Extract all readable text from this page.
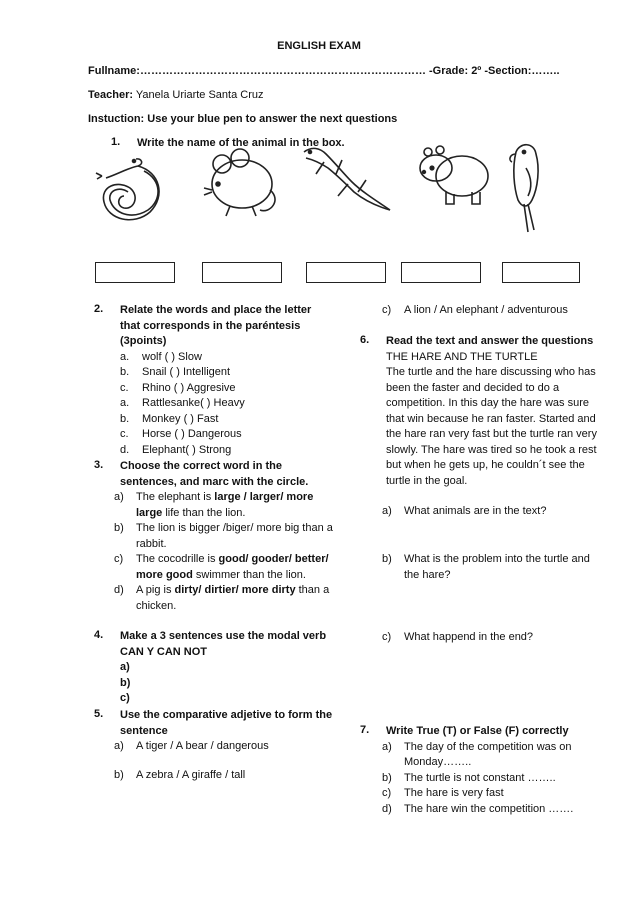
ENGLISH EXAM
Fullname:…………………………………………………………………… -Grade: 2º -Section:……..
Teacher: Yanela Uriarte Santa Cruz
Instuction: Use your blue pen to answer the next questions
1.	Write the name of the animal in the box.
2.	Relate the words and place the letter that corresponds in the paréntesis (3points)
a.	wolf ( ) Slow
b.	Snail ( ) Intelligent
c.	Rhino ( ) Aggresive
a.	Rattlesanke( ) Heavy
b.	Monkey ( ) Fast
c.	Horse ( ) Dangerous
d.	Elephant( ) Strong
3.	Choose the correct word in the sentences, and marc with the circle.
a)	The elephant is large / larger/ more large life than the lion.
b)	The lion is bigger /biger/ more big than a rabbit.
c)	The cocodrille is good/ gooder/ better/ more good swimmer than the lion.
d)	A pig is dirty/ dirtier/ more dirty than a chicken.
4.	Make a 3 sentences use the modal verb CAN Y CAN NOT
a)
b)
c)
5.	Use the comparative adjetive to form the sentence
a)	A tiger / A bear / dangerous
b)	A zebra / A giraffe / tall
c)	A lion / An elephant / adventurous
6.	Read the text and answer the questions
THE HARE AND THE TURTLE
The turtle and the hare discussing who has
been the faster and decided to do a
competition. In this day the hare was sure
that win because he ran faster. Started and
the hare ran very fast but the turtle ran very
slowly. The hare was tired so he took a rest
but when he gets up, he couldn´t see the
turtle in the goal.
a)	What animals are in the text?
b)	What is the problem into the turtle and the hare?
c)	What happend in the end?
7.	Write True (T) or False (F) correctly
a)	The day of the competition was on Monday……..
b)	The turtle is not constant ……..
c)	The hare is very fast
d)	The hare win the competition …….
